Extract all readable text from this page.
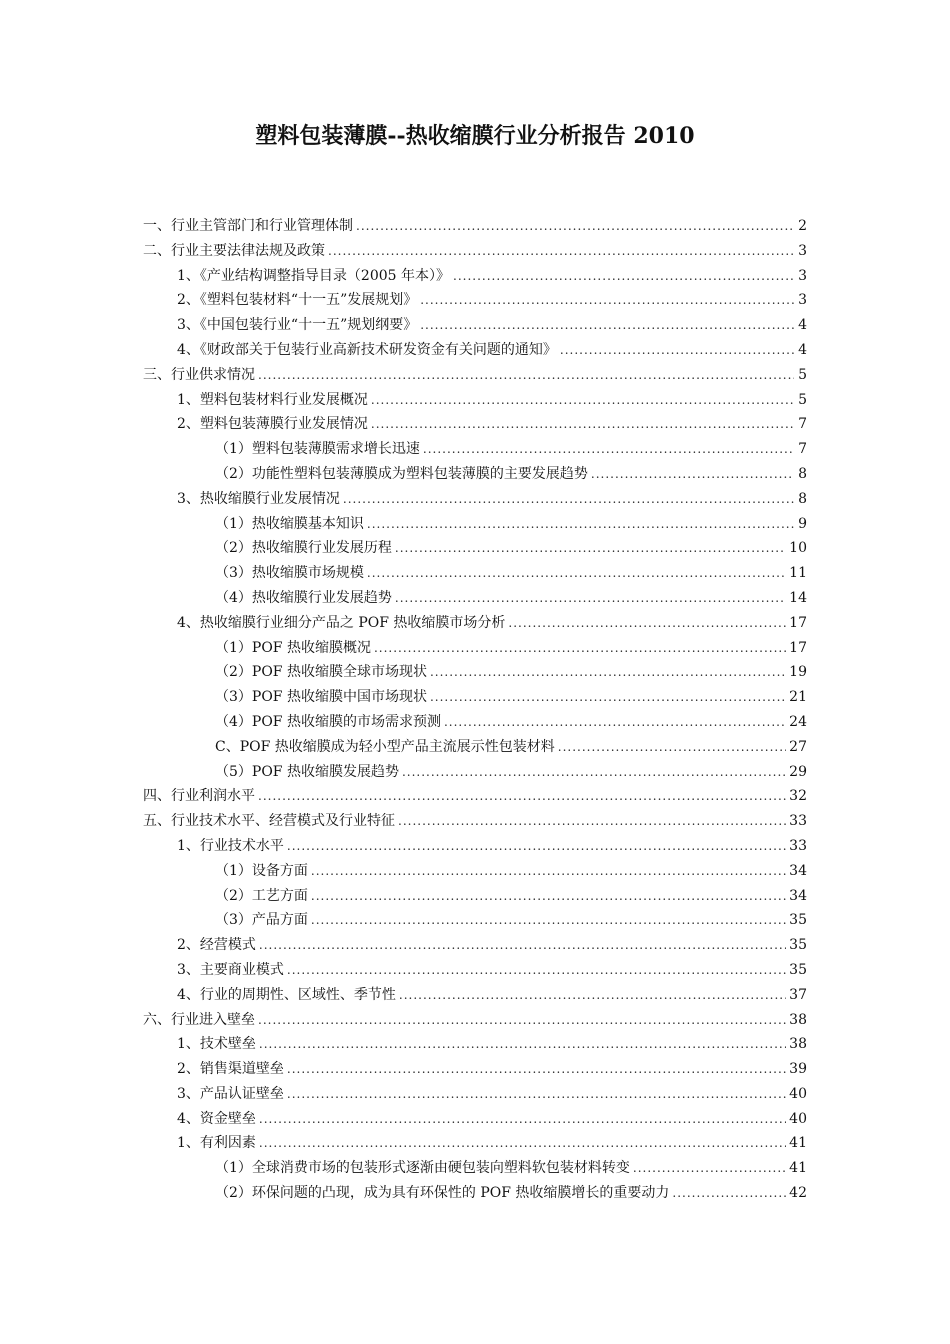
塑料包装薄膜--热收缩膜行业分析报告 2010
一、行业主管部门和行业管理体制 .....	2
二、行业主要法律法规及政策 .....	3
1、《产业结构调整指导目录（2005 年本）》 .....	3
2、《塑料包装材料“十一五”发展规划》 .....	3
3、《中国包装行业“十一五”规划纲要》 .....	4
4、《财政部关于包装行业高新技术研发资金有关问题的通知》 .....	4
三、行业供求情况 .....	5
1、塑料包装材料行业发展概况 .....	5
2、塑料包装薄膜行业发展情况 .....	7
（1）塑料包装薄膜需求增长迅速 .....	7
（2）功能性塑料包装薄膜成为塑料包装薄膜的主要发展趋势 .....	8
3、热收缩膜行业发展情况 .....	8
（1）热收缩膜基本知识 .....	9
（2）热收缩膜行业发展历程 .....	10
（3）热收缩膜市场规模 .....	11
（4）热收缩膜行业发展趋势 .....	14
4、热收缩膜行业细分产品之 POF 热收缩膜市场分析 .....	17
（1）POF 热收缩膜概况 .....	17
（2）POF 热收缩膜全球市场现状 .....	19
（3）POF 热收缩膜中国市场现状 .....	21
（4）POF 热收缩膜的市场需求预测 .....	24
C、POF 热收缩膜成为轻小型产品主流展示性包装材料 .....	27
（5）POF 热收缩膜发展趋势 .....	29
四、行业利润水平 .....	32
五、行业技术水平、经营模式及行业特征 .....	33
1、行业技术水平 .....	33
（1）设备方面 .....	34
（2）工艺方面 .....	34
（3）产品方面 .....	35
2、经营模式 .....	35
3、主要商业模式 .....	35
4、行业的周期性、区域性、季节性 .....	37
六、行业进入壁垒 .....	38
1、技术壁垒 .....	38
2、销售渠道壁垒 .....	39
3、产品认证壁垒 .....	40
4、资金壁垒 .....	40
1、有利因素 .....	41
（1）全球消费市场的包装形式逐渐由硬包装向塑料软包装材料转变 .....	41
（2）环保问题的凸现，成为具有环保性的 POF 热收缩膜增长的重要动力 .....	42
